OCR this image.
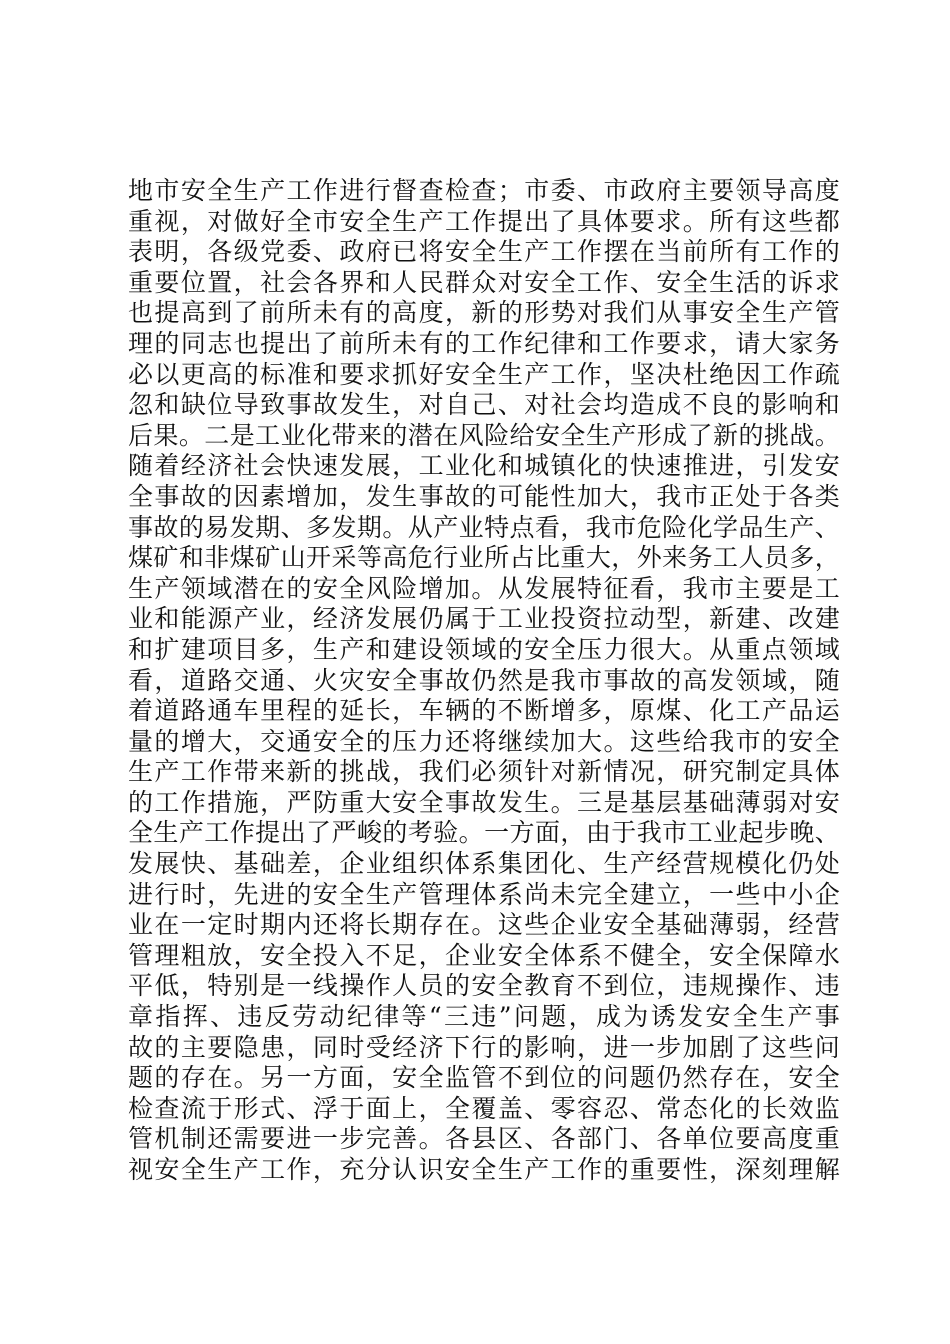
地市安全生产工作进行督查检查；市委、市政府主要领导高度
重视，对做好全市安全生产工作提出了具体要求。所有这些都
表明，各级党委、政府已将安全生产工作摆在当前所有工作的
重要位置，社会各界和人民群众对安全工作、安全生活的诉求
也提高到了前所未有的高度，新的形势对我们从事安全生产管
理的同志也提出了前所未有的工作纪律和工作要求，请大家务
必以更高的标准和要求抓好安全生产工作，坚决杜绝因工作疏
忽和缺位导致事故发生，对自己、对社会均造成不良的影响和
后果。二是工业化带来的潜在风险给安全生产形成了新的挑战。
随着经济社会快速发展，工业化和城镇化的快速推进，引发安
全事故的因素增加，发生事故的可能性加大，我市正处于各类
事故的易发期、多发期。从产业特点看，我市危险化学品生产、
煤矿和非煤矿山开采等高危行业所占比重大，外来务工人员多，
生产领域潜在的安全风险增加。从发展特征看，我市主要是工
业和能源产业，经济发展仍属于工业投资拉动型，新建、改建
和扩建项目多，生产和建设领域的安全压力很大。从重点领域
看，道路交通、火灾安全事故仍然是我市事故的高发领域，随
着道路通车里程的延长，车辆的不断增多，原煤、化工产品运
量的增大，交通安全的压力还将继续加大。这些给我市的安全
生产工作带来新的挑战，我们必须针对新情况，研究制定具体
的工作措施，严防重大安全事故发生。三是基层基础薄弱对安
全生产工作提出了严峻的考验。一方面，由于我市工业起步晚、
发展快、基础差，企业组织体系集团化、生产经营规模化仍处
进行时，先进的安全生产管理体系尚未完全建立，一些中小企
业在一定时期内还将长期存在。这些企业安全基础薄弱，经营
管理粗放，安全投入不足，企业安全体系不健全，安全保障水
平低，特别是一线操作人员的安全教育不到位，违规操作、违
章指挥、违反劳动纪律等“三违”问题，成为诱发安全生产事
故的主要隐患，同时受经济下行的影响，进一步加剧了这些问
题的存在。另一方面，安全监管不到位的问题仍然存在，安全
检查流于形式、浮于面上，全覆盖、零容忍、常态化的长效监
管机制还需要进一步完善。各县区、各部门、各单位要高度重
视安全生产工作，充分认识安全生产工作的重要性，深刻理解
